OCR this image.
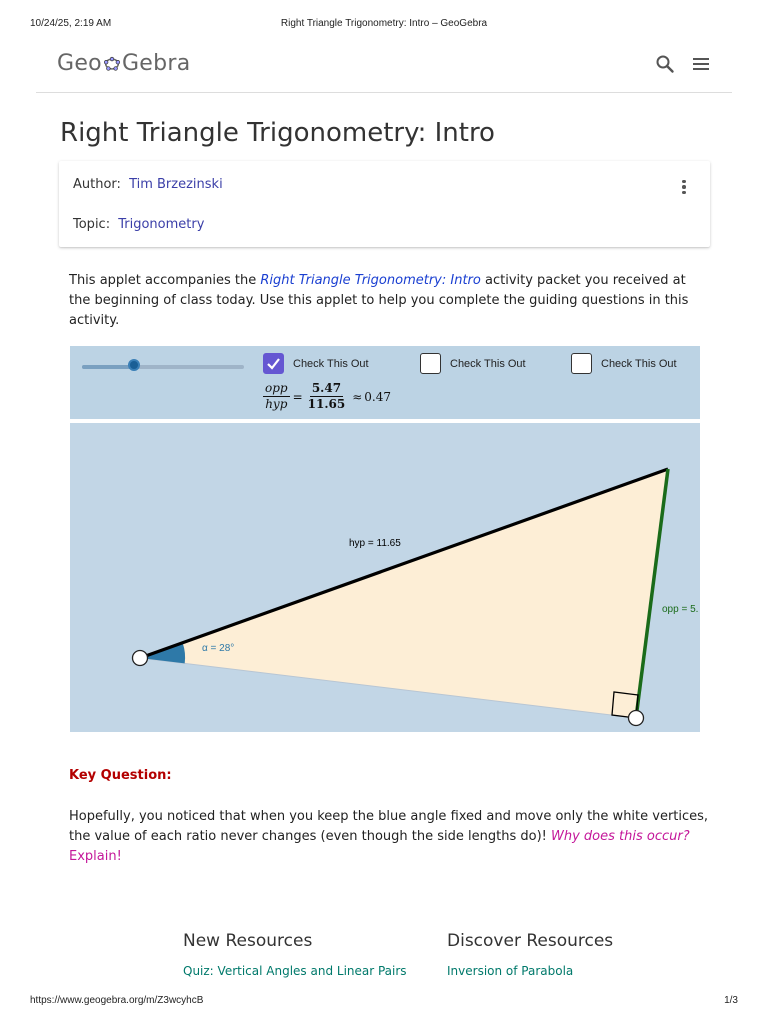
10/24/25, 2:19 AM	Right Triangle Trigonometry: Intro – GeoGebra
Geo Gebra
Right Triangle Trigonometry: Intro
Author: Tim Brzezinski
Topic: Trigonometry
This applet accompanies the Right Triangle Trigonometry: Intro activity packet you received at the beginning of class today. Use this applet to help you complete the guiding questions in this activity.
Check This Out	Check This Out	Check This Out
$\frac{\text{opp}}{\text{hyp}} = \frac{5.47}{11.65} \approx 0.47$
hyp = 11.65
opp = 5.
α = 28°
Key Question:
Hopefully, you noticed that when you keep the blue angle fixed and move only the white vertices, the value of each ratio never changes (even though the side lengths do)! Why does this occur?
Explain!
New Resources
Quiz: Vertical Angles and Linear Pairs
Discover Resources
Inversion of Parabola
https://www.geogebra.org/m/Z3wcyhcB	1/3
